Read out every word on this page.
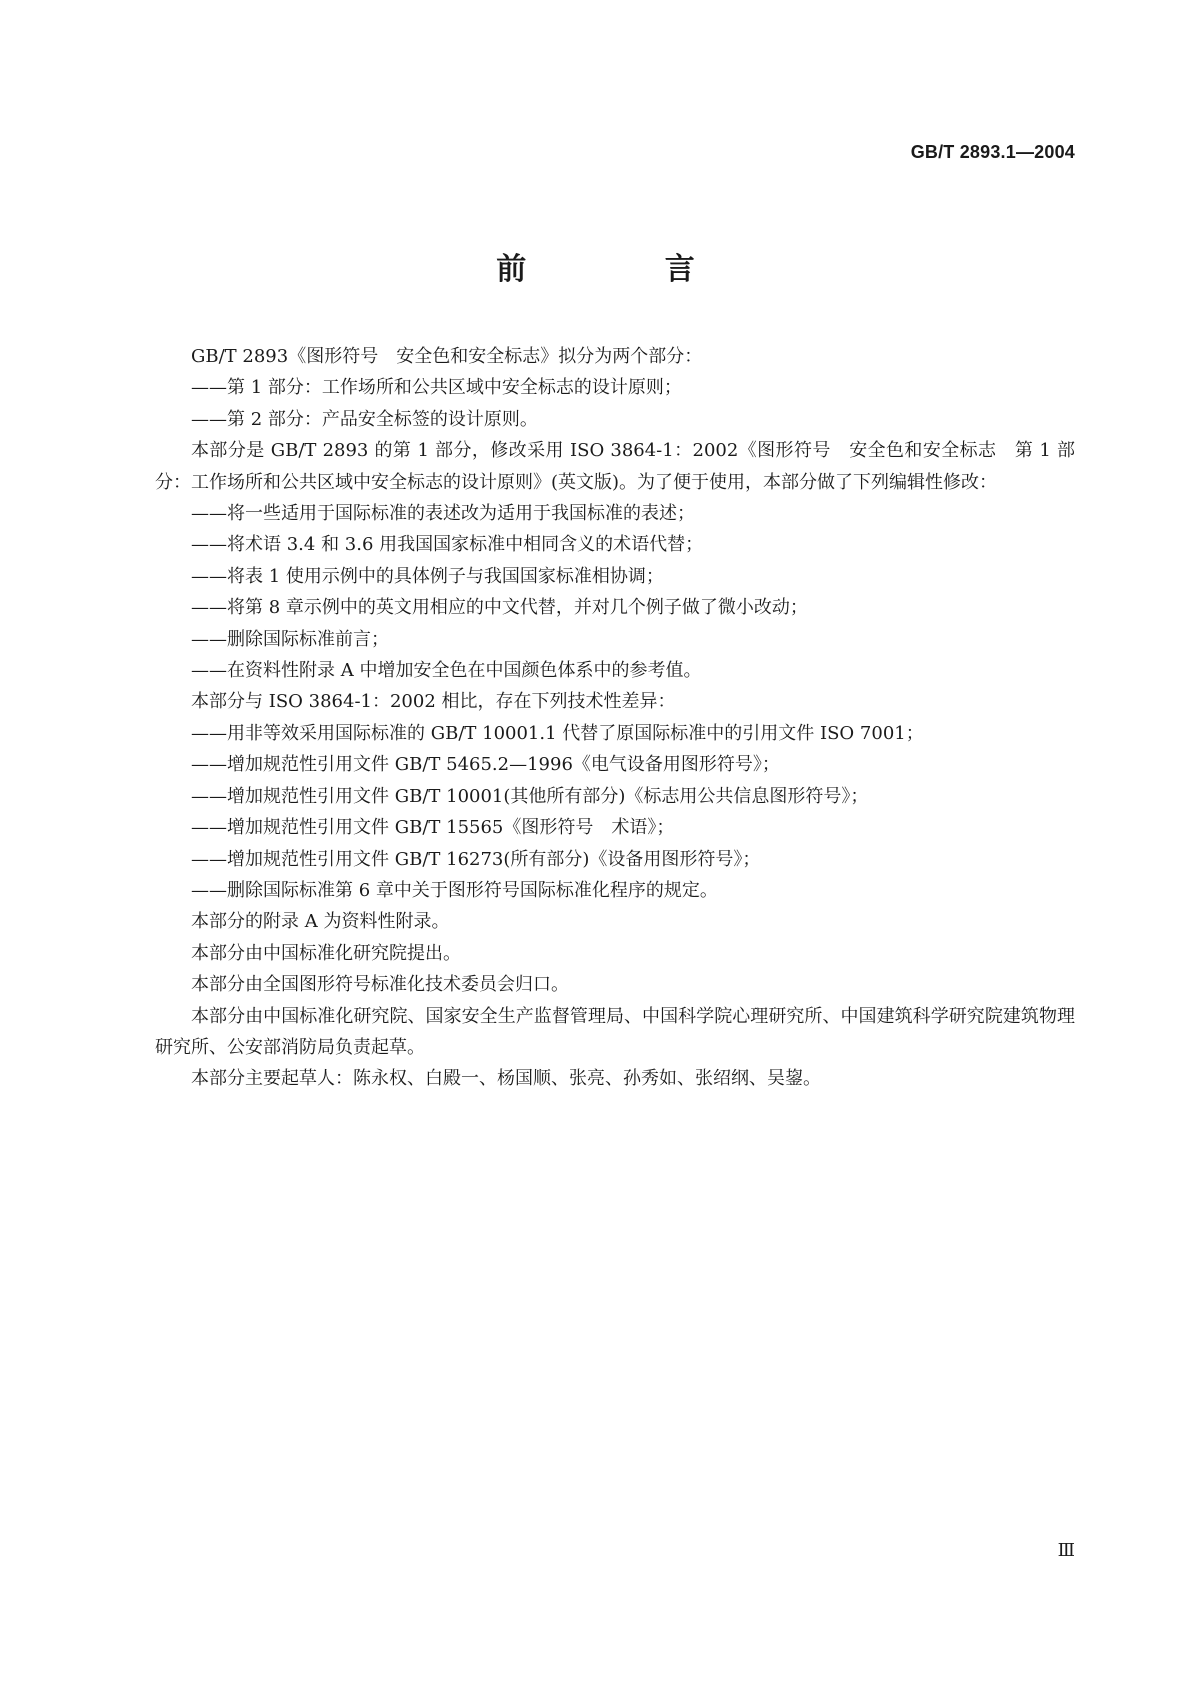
GB/T 2893.1—2004
前 言

GB/T 2893《图形符号　安全色和安全标志》拟分为两个部分：

——第 1 部分：工作场所和公共区域中安全标志的设计原则；

——第 2 部分：产品安全标签的设计原则。

本部分是 GB/T 2893 的第 1 部分，修改采用 ISO 3864-1：2002《图形符号　安全色和安全标志　第 1 部分：工作场所和公共区域中安全标志的设计原则》(英文版)。为了便于使用，本部分做了下列编辑性修改：

——将一些适用于国际标准的表述改为适用于我国标准的表述；

——将术语 3.4 和 3.6 用我国国家标准中相同含义的术语代替；

——将表 1 使用示例中的具体例子与我国国家标准相协调；

——将第 8 章示例中的英文用相应的中文代替，并对几个例子做了微小改动；

——删除国际标准前言；

——在资料性附录 A 中增加安全色在中国颜色体系中的参考值。

本部分与 ISO 3864-1：2002 相比，存在下列技术性差异：

——用非等效采用国际标准的 GB/T 10001.1 代替了原国际标准中的引用文件 ISO 7001；

——增加规范性引用文件 GB/T 5465.2—1996《电气设备用图形符号》；

——增加规范性引用文件 GB/T 10001(其他所有部分)《标志用公共信息图形符号》；

——增加规范性引用文件 GB/T 15565《图形符号　术语》；

——增加规范性引用文件 GB/T 16273(所有部分)《设备用图形符号》；

——删除国际标准第 6 章中关于图形符号国际标准化程序的规定。

本部分的附录 A 为资料性附录。

本部分由中国标准化研究院提出。

本部分由全国图形符号标准化技术委员会归口。

本部分由中国标准化研究院、国家安全生产监督管理局、中国科学院心理研究所、中国建筑科学研究院建筑物理研究所、公安部消防局负责起草。

本部分主要起草人：陈永权、白殿一、杨国顺、张亮、孙秀如、张绍纲、吴鋆。

Ⅲ
